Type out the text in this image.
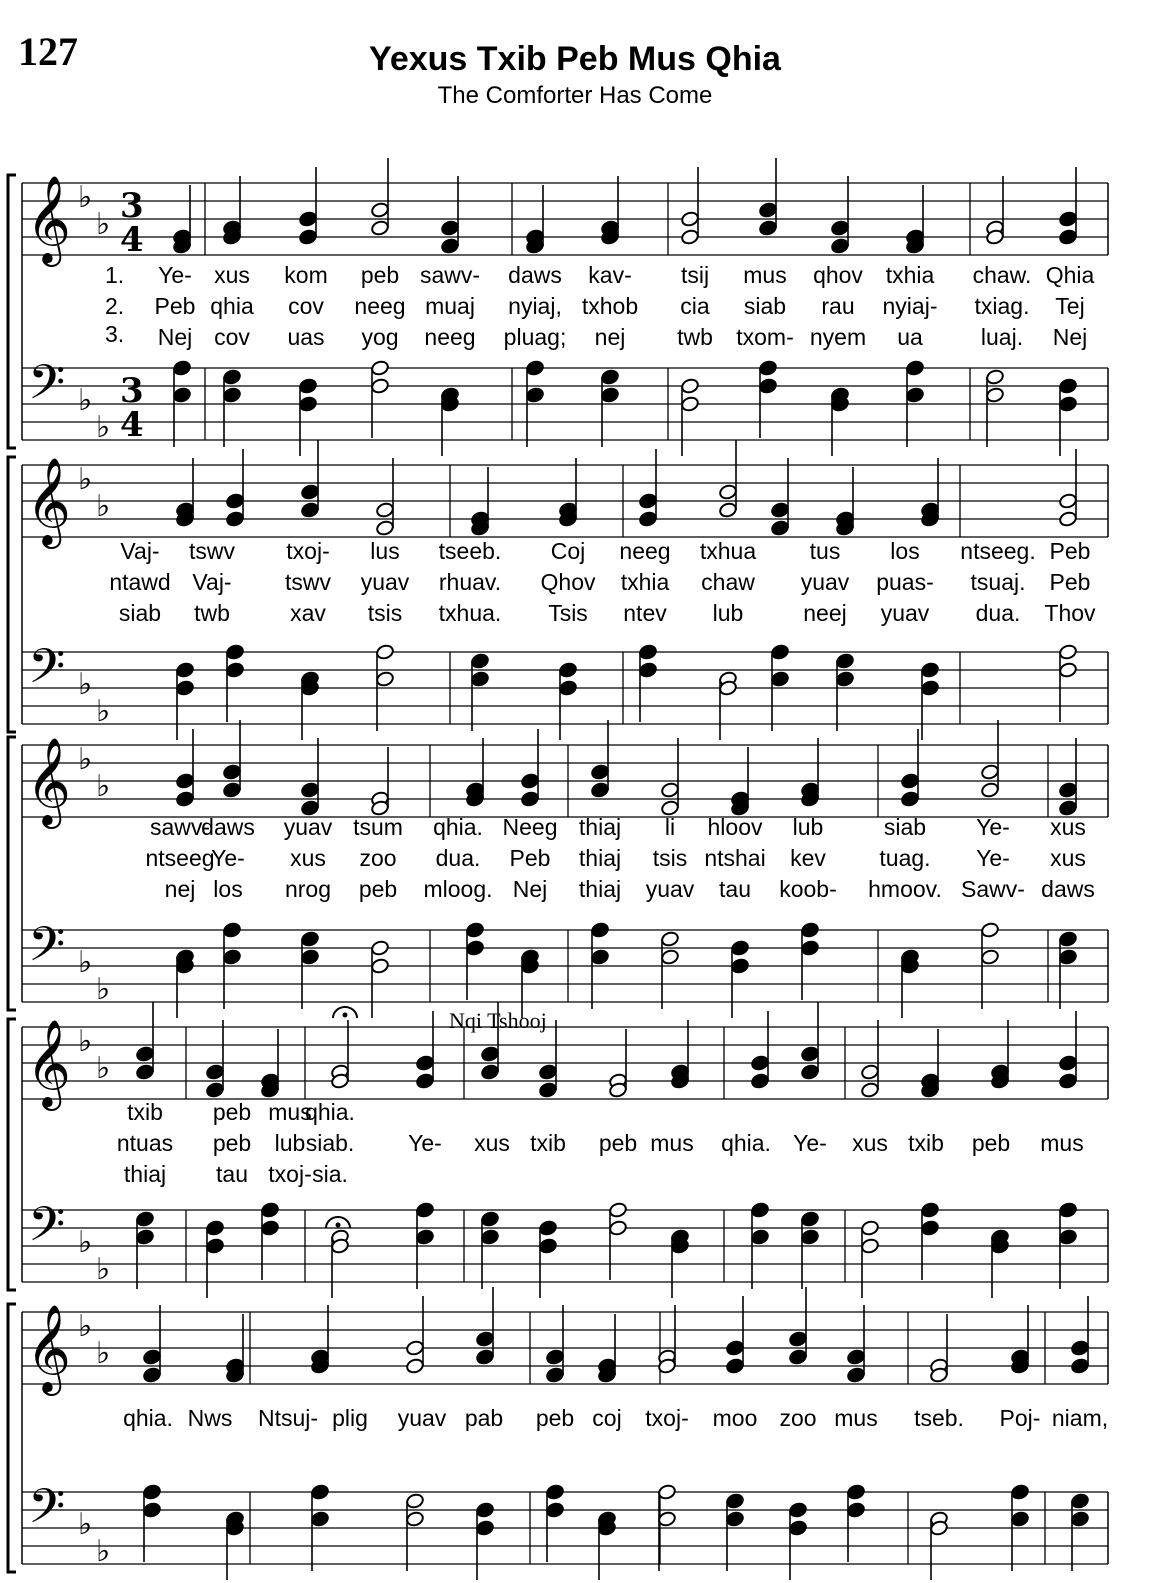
127	Yexus Txib Peb Mus Qhia
The Comforter Has Come
𝄞 ♭
♭
𝄢 ♭
♭
𝄞 ♭
♭
𝄢 ♭
♭
𝄞 ♭
♭
𝄢 ♭
♭
𝄞 ♭
♭
𝄢 ♭
♭
𝄞 ♭
♭
𝄢 ♭
♭
3
4
3
4
Nqi Tshooj
1. Ye- xus kom peb sawv- daws kav- tsij mus qhov txhia chaw. Qhia
2. Peb qhia cov neeg muaj nyiaj, txhob cia siab rau nyiaj- txiag. Tej
3. Nej cov uas yog neeg pluag; nej twb txom- nyem ua	luaj. Nej
Vaj- tswv txoj- lus tseeb. Coj neeg txhua tus los ntseeg. Peb
ntawd Vaj- tswv yuav rhuav. Qhov txhia chaw yuav puas- tsuaj. Peb
siab twb	xav tsis txhua. Tsis ntev lub	neej yuav dua. Thov
sawv-
daws yuav tsum qhia. Neeg thiaj li hloov lub	siab Ye- xus
ntseeg
Ye- xus zoo dua. Peb thiaj tsis ntshai kev tuag. Ye- xus
nej los nrog peb mloog. Nej thiaj yuav tau koob- hmoov. Sawv- daws
txib peb mus
qhia.
ntuas peb lub siab. Ye- xus txib peb mus qhia. Ye- xus txib peb mus
thiaj tau txoj- sia.
qhia. Nws Ntsuj- plig yuav pab peb coj txoj- moo zoo mus tseb. Poj- niam,
